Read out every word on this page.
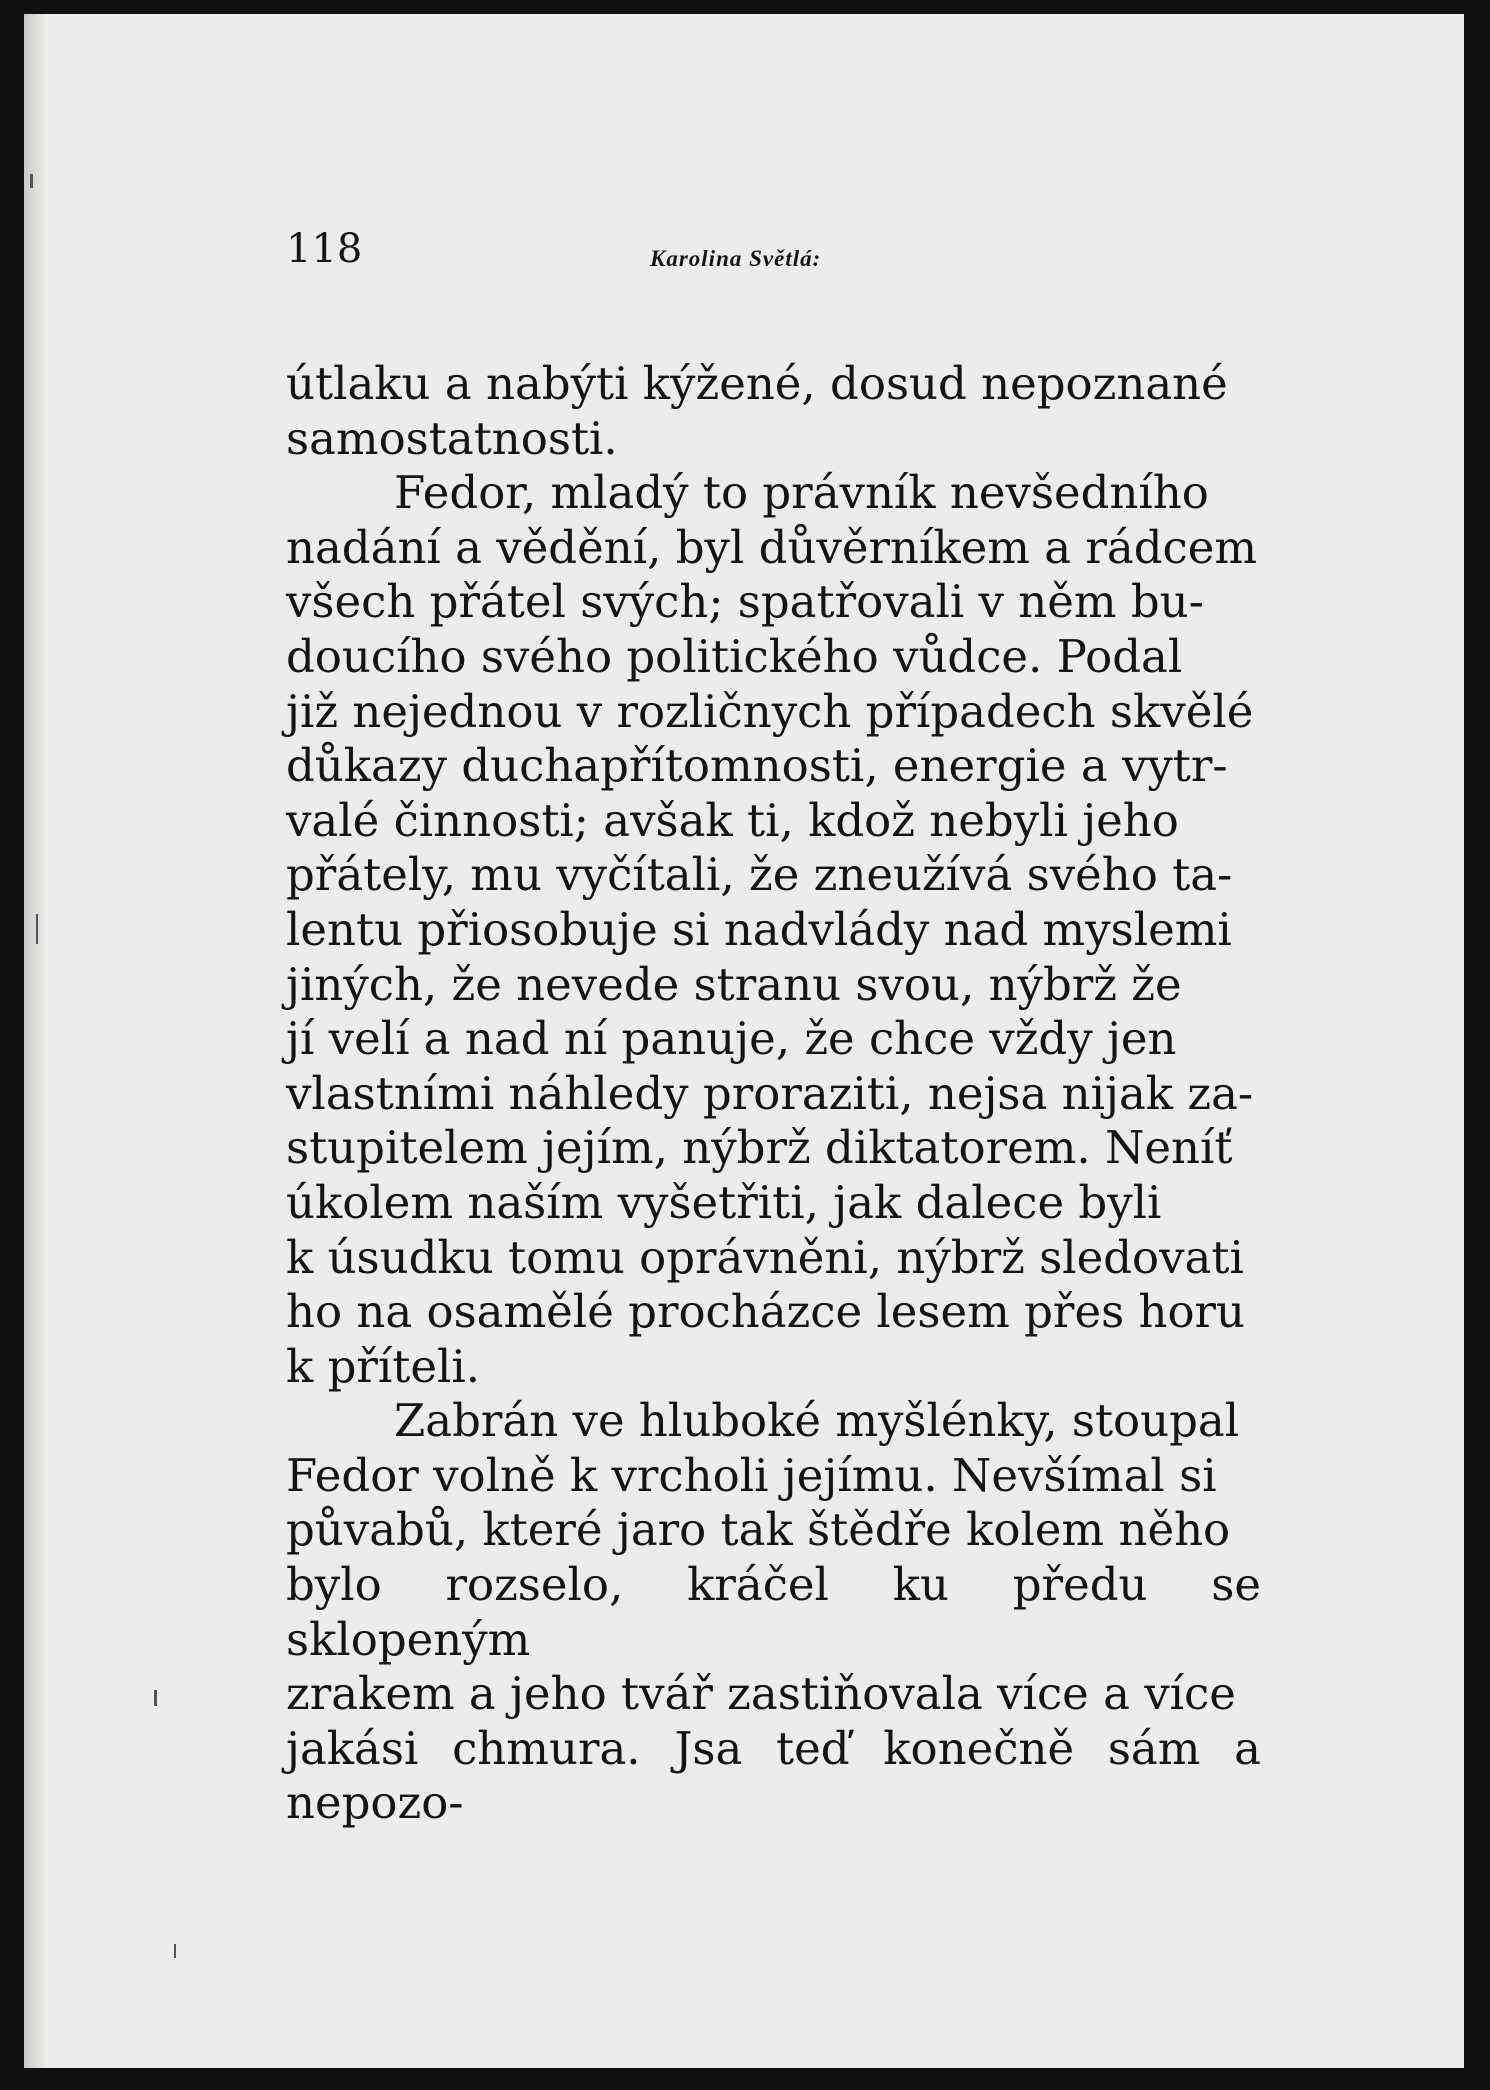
118	Karolina Světlá:

útlaku a nabýti kýžené, dosud nepoznané
samostatnosti.

Fedor, mladý to právník nevšedního
nadání a vědění, byl důvěrníkem a rádcem
všech přátel svých; spatřovali v něm bu-
doucího svého politického vůdce. Podal
již nejednou v rozličnych případech skvělé
důkazy duchapřítomnosti, energie a vytr-
valé činnosti; avšak ti, kdož nebyli jeho
přátely, mu vyčítali, že zneužívá svého ta-
lentu přiosobuje si nadvlády nad myslemi
jiných, že nevede stranu svou, nýbrž že
jí velí a nad ní panuje, že chce vždy jen
vlastními náhledy proraziti, nejsa nijak za-
stupitelem jejím, nýbrž diktatorem. Neníť
úkolem naším vyšetřiti, jak dalece byli
k úsudku tomu oprávněni, nýbrž sledovati
ho na osamělé procházce lesem přes horu
k příteli.

Zabrán ve hluboké myšlénky, stoupal
Fedor volně k vrcholi jejímu. Nevšímal si
půvabů, které jaro tak štědře kolem něho
bylo rozselo, kráčel ku předu se sklopeným
zrakem a jeho tvář zastiňovala více a více
jakási chmura. Jsa teď konečně sám a nepozo-
